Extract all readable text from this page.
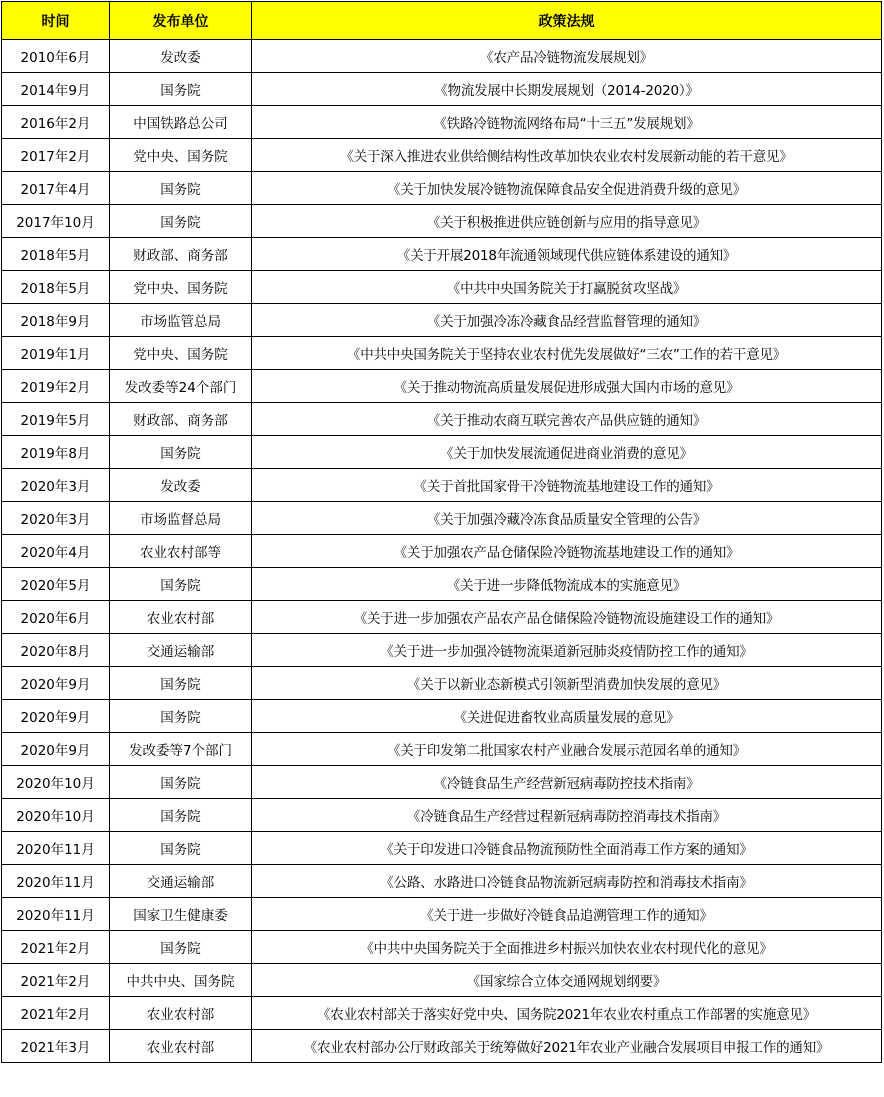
时间	发布单位	政策法规
2010年6月	发改委	《农产品冷链物流发展规划》
2014年9月	国务院	《物流发展中长期发展规划（2014-2020）》
2016年2月	中国铁路总公司	《铁路冷链物流网络布局“十三五”发展规划》
2017年2月	党中央、国务院	《关于深入推进农业供给侧结构性改革加快农业农村发展新动能的若干意见》
2017年4月	国务院	《关于加快发展冷链物流保障食品安全促进消费升级的意见》
2017年10月	国务院	《关于积极推进供应链创新与应用的指导意见》
2018年5月	财政部、商务部	《关于开展2018年流通领域现代供应链体系建设的通知》
2018年5月	党中央、国务院	《中共中央国务院关于打赢脱贫攻坚战》
2018年9月	市场监管总局	《关于加强冷冻冷藏食品经营监督管理的通知》
2019年1月	党中央、国务院	《中共中央国务院关于坚持农业农村优先发展做好“三农”工作的若干意见》
2019年2月	发改委等24个部门	《关于推动物流高质量发展促进形成强大国内市场的意见》
2019年5月	财政部、商务部	《关于推动农商互联完善农产品供应链的通知》
2019年8月	国务院	《关于加快发展流通促进商业消费的意见》
2020年3月	发改委	《关于首批国家骨干冷链物流基地建设工作的通知》
2020年3月	市场监督总局	《关于加强冷藏冷冻食品质量安全管理的公告》
2020年4月	农业农村部等	《关于加强农产品仓储保险冷链物流基地建设工作的通知》
2020年5月	国务院	《关于进一步降低物流成本的实施意见》
2020年6月	农业农村部	《关于进一步加强农产品农产品仓储保险冷链物流设施建设工作的通知》
2020年8月	交通运输部	《关于进一步加强冷链物流渠道新冠肺炎疫情防控工作的通知》
2020年9月	国务院	《关于以新业态新模式引领新型消费加快发展的意见》
2020年9月	国务院	《关进促进畜牧业高质量发展的意见》
2020年9月	发改委等7个部门	《关于印发第二批国家农村产业融合发展示范园名单的通知》
2020年10月	国务院	《冷链食品生产经营新冠病毒防控技术指南》
2020年10月	国务院	《冷链食品生产经营过程新冠病毒防控消毒技术指南》
2020年11月	国务院	《关于印发进口冷链食品物流预防性全面消毒工作方案的通知》
2020年11月	交通运输部	《公路、水路进口冷链食品物流新冠病毒防控和消毒技术指南》
2020年11月	国家卫生健康委	《关于进一步做好冷链食品追溯管理工作的通知》
2021年2月	国务院	《中共中央国务院关于全面推进乡村振兴加快农业农村现代化的意见》
2021年2月	中共中央、国务院	《国家综合立体交通网规划纲要》
2021年2月	农业农村部	《农业农村部关于落实好党中央、国务院2021年农业农村重点工作部署的实施意见》
2021年3月	农业农村部	《农业农村部办公厅财政部关于统筹做好2021年农业产业融合发展项目申报工作的通知》
